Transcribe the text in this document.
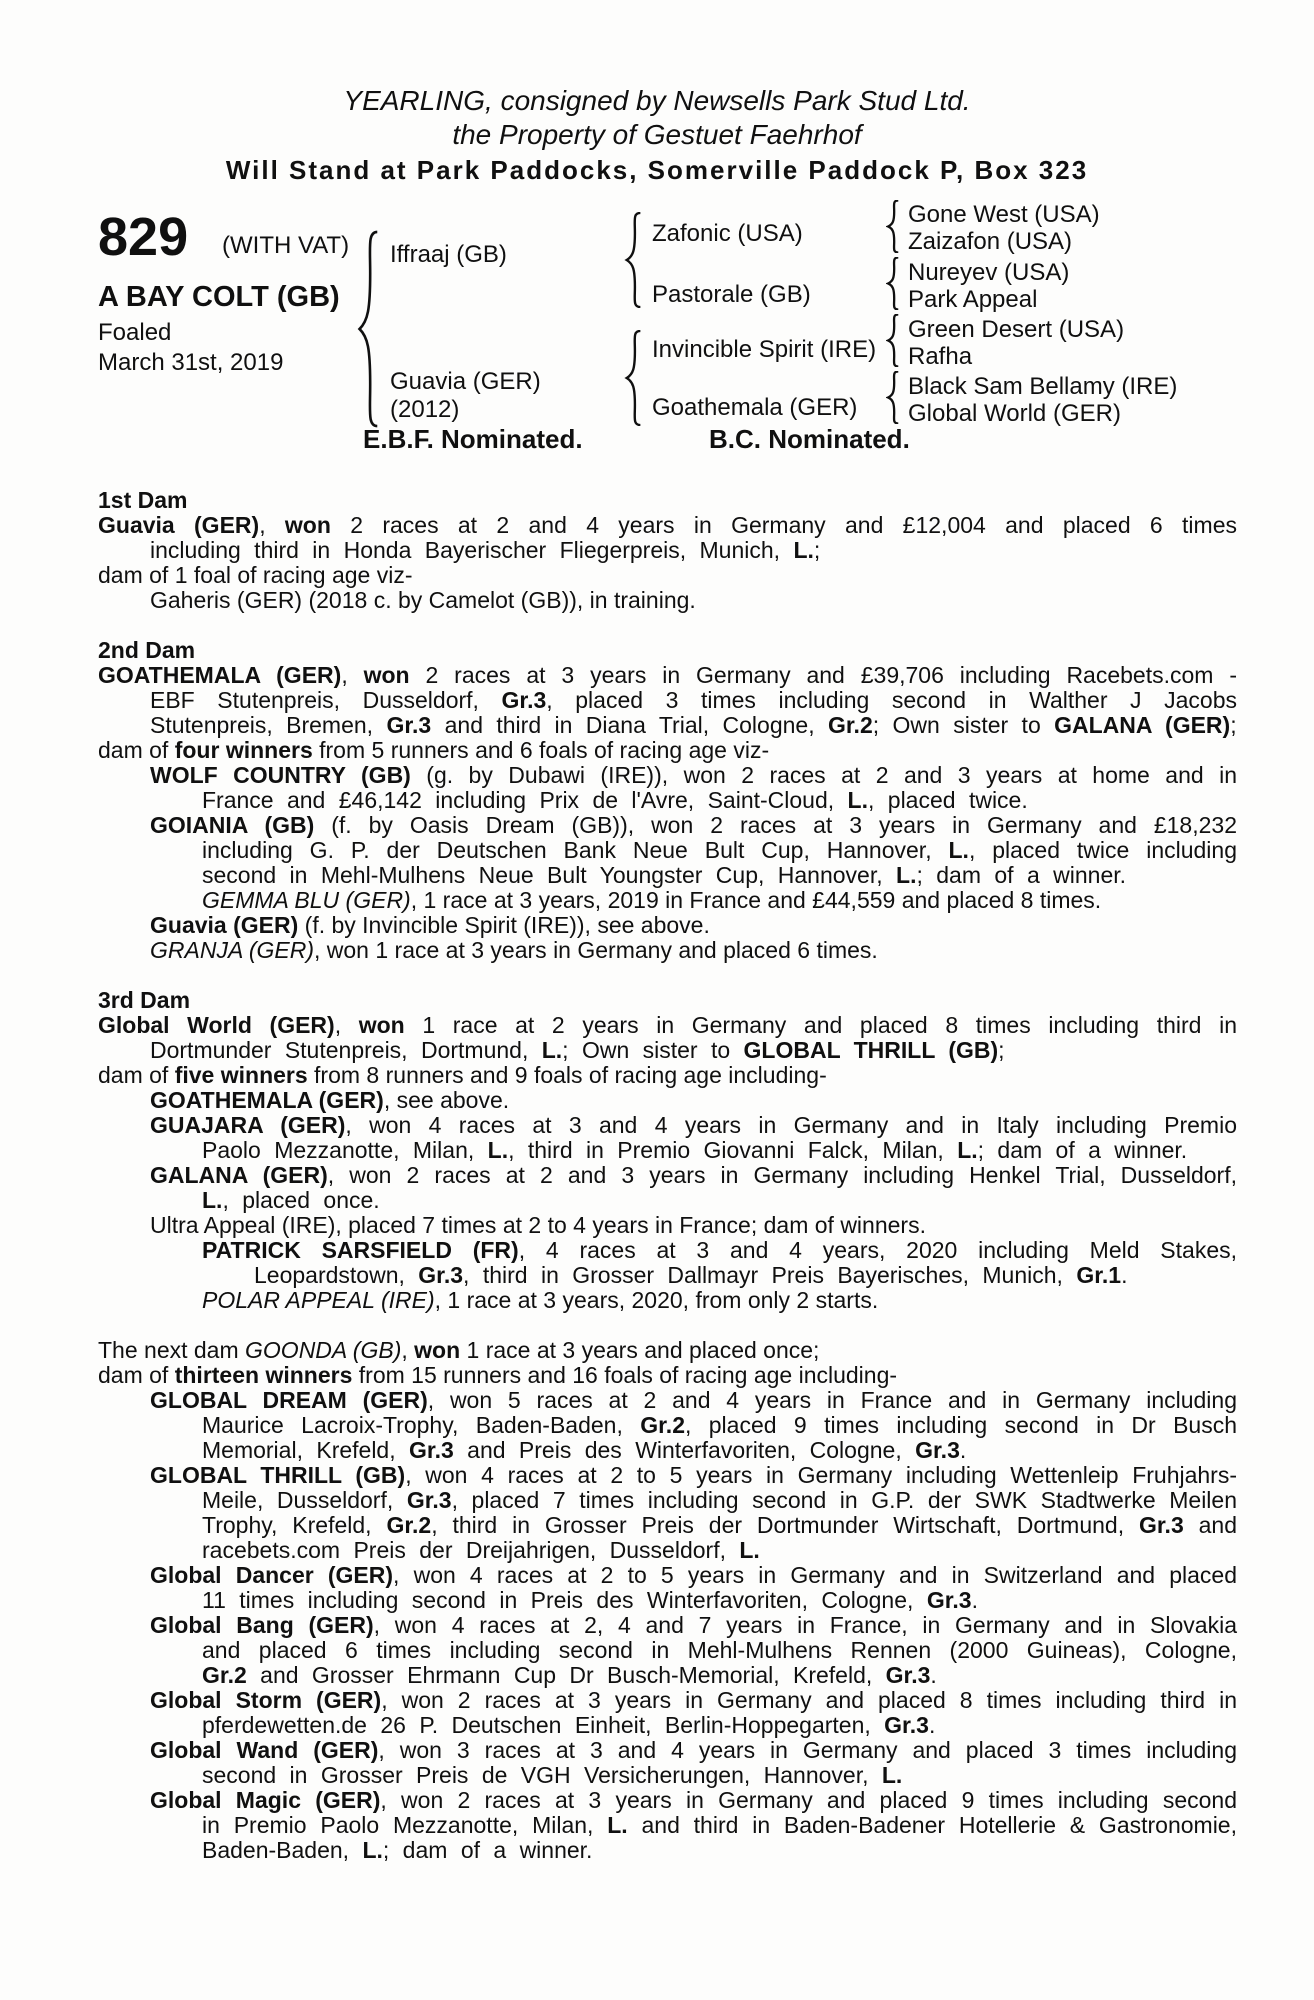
YEARLING, consigned by Newsells Park Stud Ltd.
the Property of Gestuet Faehrhof
Will Stand at Park Paddocks, Somerville Paddock P, Box 323
829 (WITH VAT)
A BAY COLT (GB)
Foaled
March 31st, 2019
Iffraaj (GB)
Guavia (GER)
(2012)
Zafonic (USA)
Pastorale (GB)
Invincible Spirit (IRE)
Goathemala (GER)
Gone West (USA)
Zaizafon (USA)
Nureyev (USA)
Park Appeal
Green Desert (USA)
Rafha
Black Sam Bellamy (IRE)
Global World (GER)
E.B.F. Nominated.	B.C. Nominated.

1st Dam

Guavia (GER), won 2 races at 2 and 4 years in Germany and £12,004 and placed 6 times including third in Honda Bayerischer Fliegerpreis, Munich, L.;

dam of 1 foal of racing age viz-

Gaheris (GER) (2018 c. by Camelot (GB)), in training.

2nd Dam

GOATHEMALA (GER), won 2 races at 3 years in Germany and £39,706 including Racebets.com - EBF Stutenpreis, Dusseldorf, Gr.3, placed 3 times including second in Walther J Jacobs Stutenpreis, Bremen, Gr.3 and third in Diana Trial, Cologne, Gr.2; Own sister to GALANA (GER);

dam of four winners from 5 runners and 6 foals of racing age viz-

WOLF COUNTRY (GB) (g. by Dubawi (IRE)), won 2 races at 2 and 3 years at home and in France and £46,142 including Prix de l'Avre, Saint-Cloud, L., placed twice.

GOIANIA (GB) (f. by Oasis Dream (GB)), won 2 races at 3 years in Germany and £18,232 including G. P. der Deutschen Bank Neue Bult Cup, Hannover, L., placed twice including second in Mehl-Mulhens Neue Bult Youngster Cup, Hannover, L.; dam of a winner.

GEMMA BLU (GER), 1 race at 3 years, 2019 in France and £44,559 and placed 8 times.

Guavia (GER) (f. by Invincible Spirit (IRE)), see above.

GRANJA (GER), won 1 race at 3 years in Germany and placed 6 times.

3rd Dam

Global World (GER), won 1 race at 2 years in Germany and placed 8 times including third in Dortmunder Stutenpreis, Dortmund, L.; Own sister to GLOBAL THRILL (GB);

dam of five winners from 8 runners and 9 foals of racing age including-

GOATHEMALA (GER), see above.

GUAJARA (GER), won 4 races at 3 and 4 years in Germany and in Italy including Premio Paolo Mezzanotte, Milan, L., third in Premio Giovanni Falck, Milan, L.; dam of a winner.

GALANA (GER), won 2 races at 2 and 3 years in Germany including Henkel Trial, Dusseldorf, L., placed once.

Ultra Appeal (IRE), placed 7 times at 2 to 4 years in France; dam of winners.

PATRICK SARSFIELD (FR), 4 races at 3 and 4 years, 2020 including Meld Stakes, Leopardstown, Gr.3, third in Grosser Dallmayr Preis Bayerisches, Munich, Gr.1.

POLAR APPEAL (IRE), 1 race at 3 years, 2020, from only 2 starts.

The next dam GOONDA (GB), won 1 race at 3 years and placed once;

dam of thirteen winners from 15 runners and 16 foals of racing age including-

GLOBAL DREAM (GER), won 5 races at 2 and 4 years in France and in Germany including Maurice Lacroix-Trophy, Baden-Baden, Gr.2, placed 9 times including second in Dr Busch Memorial, Krefeld, Gr.3 and Preis des Winterfavoriten, Cologne, Gr.3.

GLOBAL THRILL (GB), won 4 races at 2 to 5 years in Germany including Wettenleip Fruhjahrs-Meile, Dusseldorf, Gr.3, placed 7 times including second in G.P. der SWK Stadtwerke Meilen Trophy, Krefeld, Gr.2, third in Grosser Preis der Dortmunder Wirtschaft, Dortmund, Gr.3 and racebets.com Preis der Dreijahrigen, Dusseldorf, L.

Global Dancer (GER), won 4 races at 2 to 5 years in Germany and in Switzerland and placed 11 times including second in Preis des Winterfavoriten, Cologne, Gr.3.

Global Bang (GER), won 4 races at 2, 4 and 7 years in France, in Germany and in Slovakia and placed 6 times including second in Mehl-Mulhens Rennen (2000 Guineas), Cologne, Gr.2 and Grosser Ehrmann Cup Dr Busch-Memorial, Krefeld, Gr.3.

Global Storm (GER), won 2 races at 3 years in Germany and placed 8 times including third in pferdewetten.de 26 P. Deutschen Einheit, Berlin-Hoppegarten, Gr.3.

Global Wand (GER), won 3 races at 3 and 4 years in Germany and placed 3 times including second in Grosser Preis de VGH Versicherungen, Hannover, L.

Global Magic (GER), won 2 races at 3 years in Germany and placed 9 times including second in Premio Paolo Mezzanotte, Milan, L. and third in Baden-Badener Hotellerie & Gastronomie, Baden-Baden, L.; dam of a winner.
